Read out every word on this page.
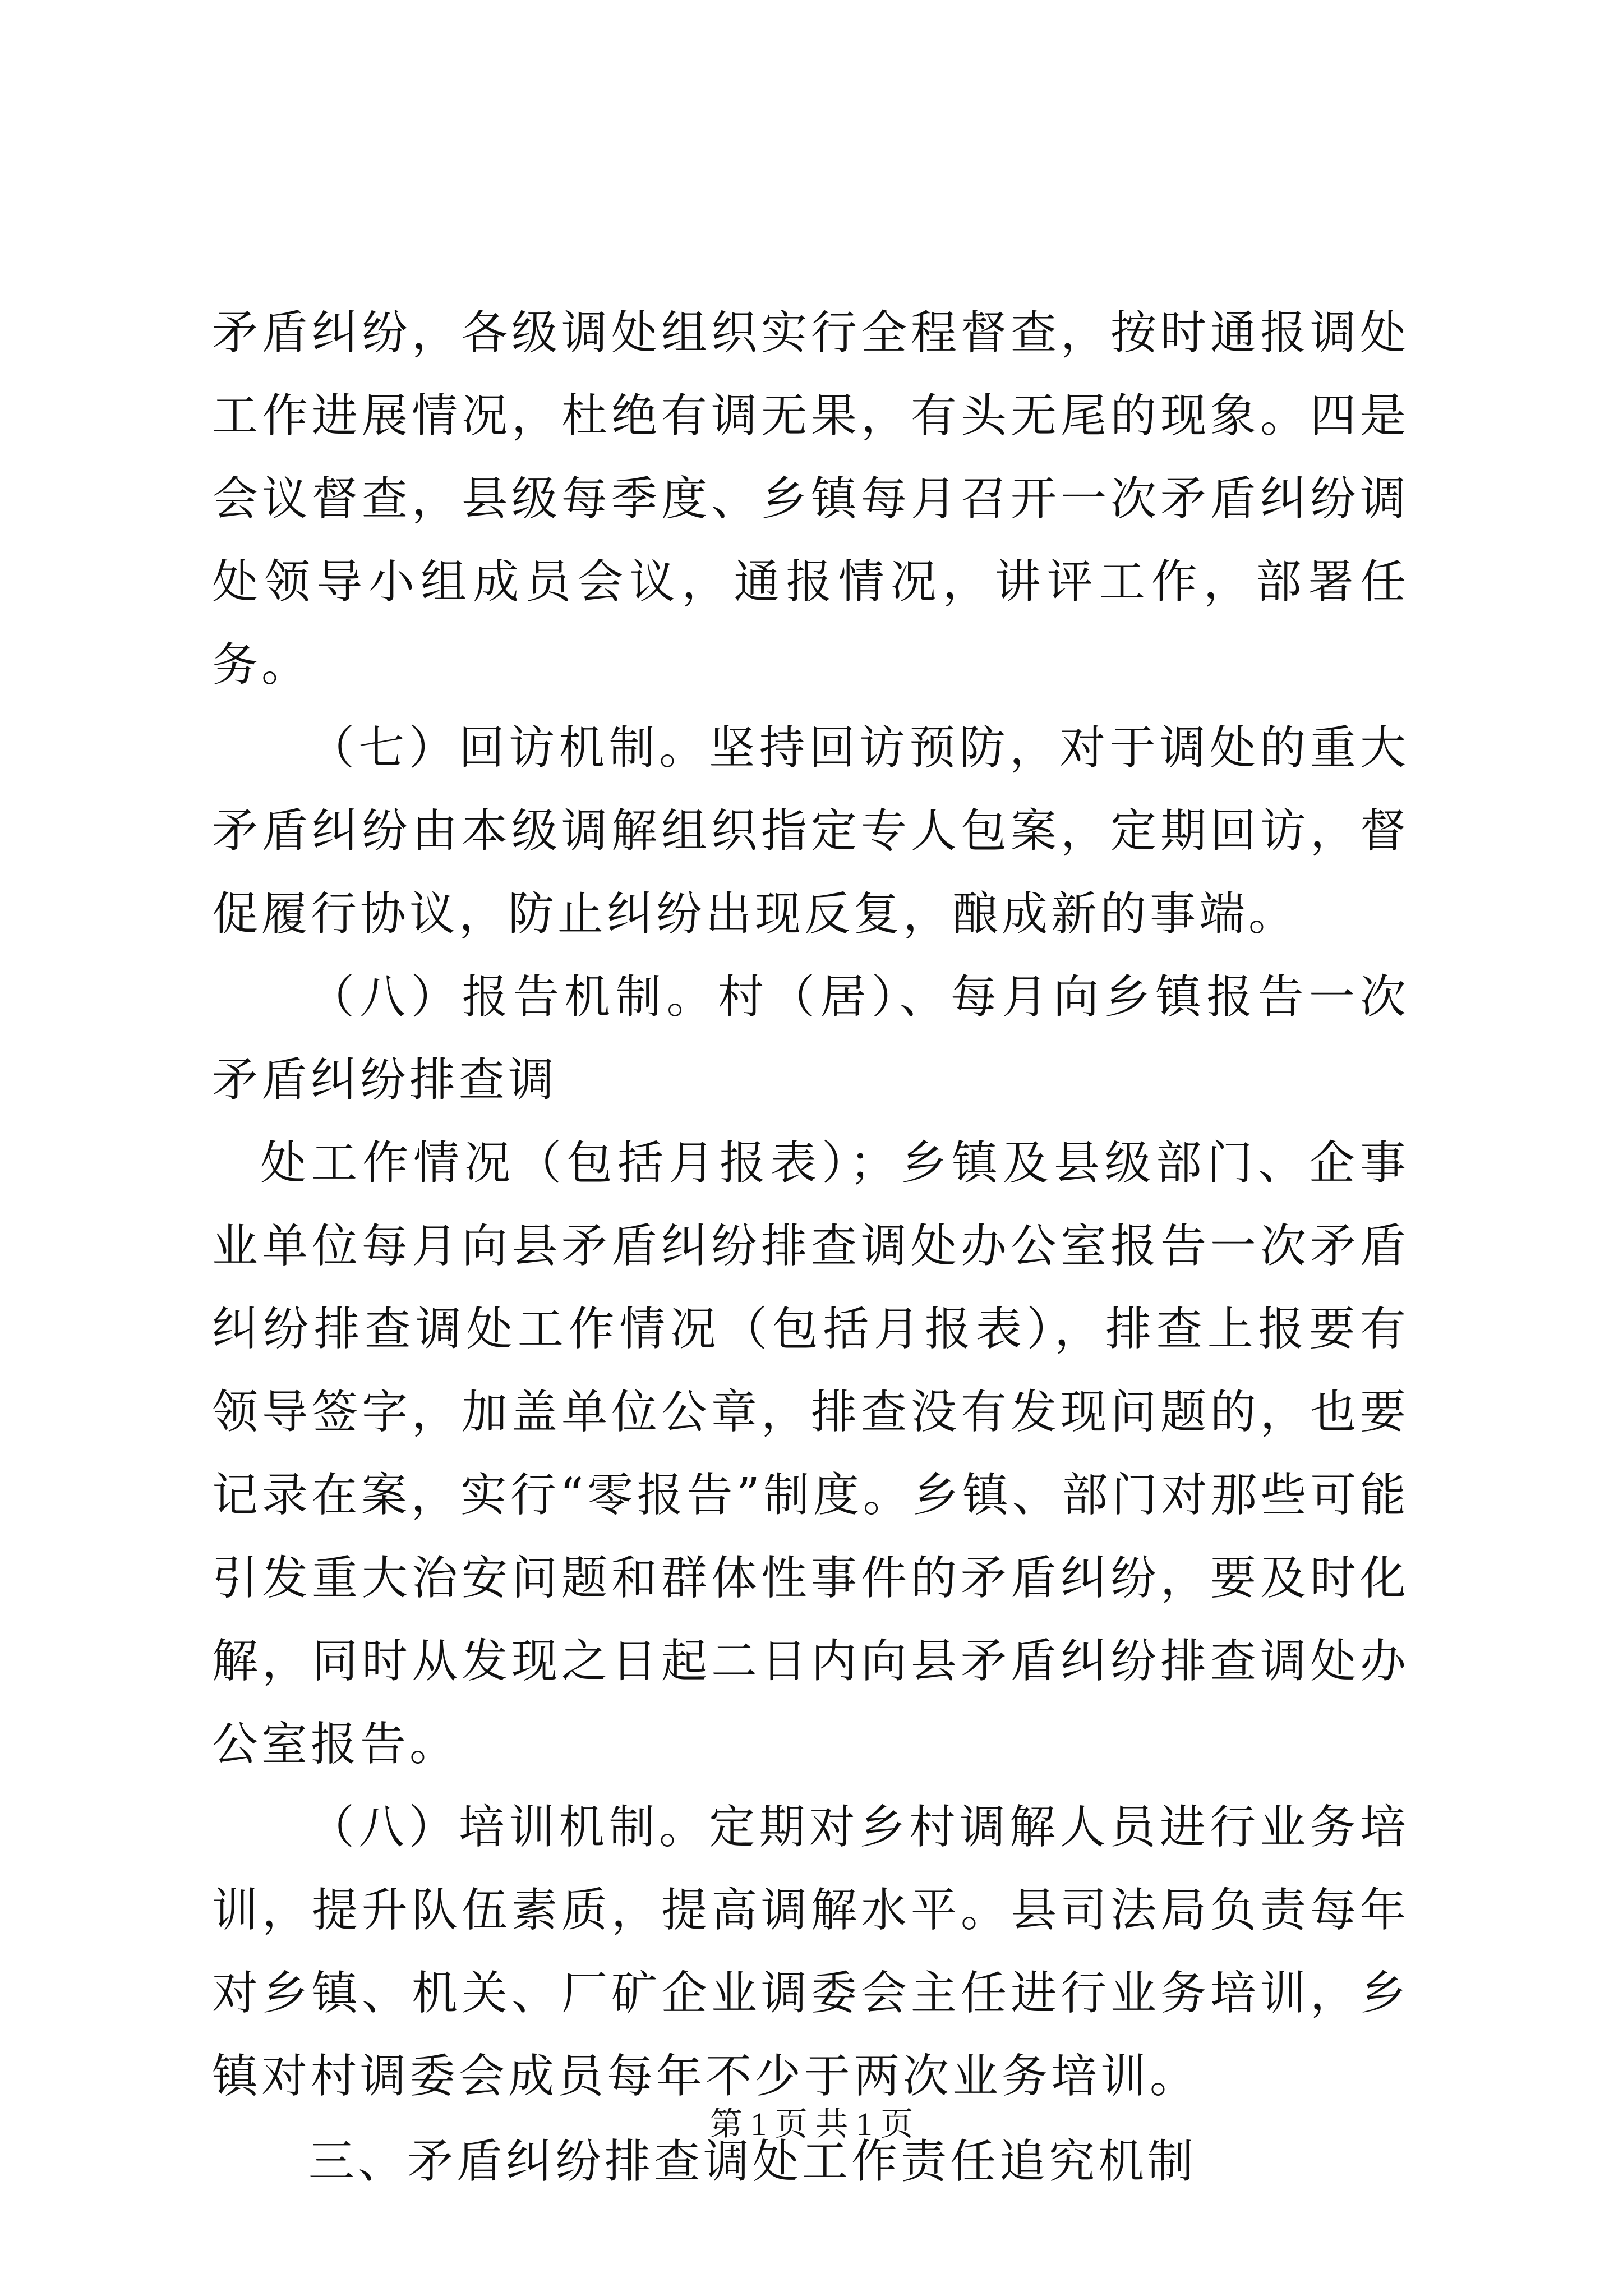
矛盾纠纷，各级调处组织实行全程督查，按时通报调处工作进展情况，杜绝有调无果，有头无尾的现象。四是会议督查，县级每季度、乡镇每月召开一次矛盾纠纷调处领导小组成员会议，通报情况，讲评工作，部署任务。

（七）回访机制。坚持回访预防，对于调处的重大矛盾纠纷由本级调解组织指定专人包案，定期回访，督促履行协议，防止纠纷出现反复，酿成新的事端。

（八）报告机制。村（居）、每月向乡镇报告一次矛盾纠纷排查调

处工作情况（包括月报表）；乡镇及县级部门、企事业单位每月向县矛盾纠纷排查调处办公室报告一次矛盾纠纷排查调处工作情况（包括月报表），排查上报要有领导签字，加盖单位公章，排查没有发现问题的，也要记录在案，实行“零报告”制度。乡镇、部门对那些可能引发重大治安问题和群体性事件的矛盾纠纷，要及时化解，同时从发现之日起二日内向县矛盾纠纷排查调处办公室报告。

（八）培训机制。定期对乡村调解人员进行业务培训，提升队伍素质，提高调解水平。县司法局负责每年对乡镇、机关、厂矿企业调委会主任进行业务培训，乡镇对村调委会成员每年不少于两次业务培训。

三、矛盾纠纷排查调处工作责任追究机制

第 1 页 共 1 页
